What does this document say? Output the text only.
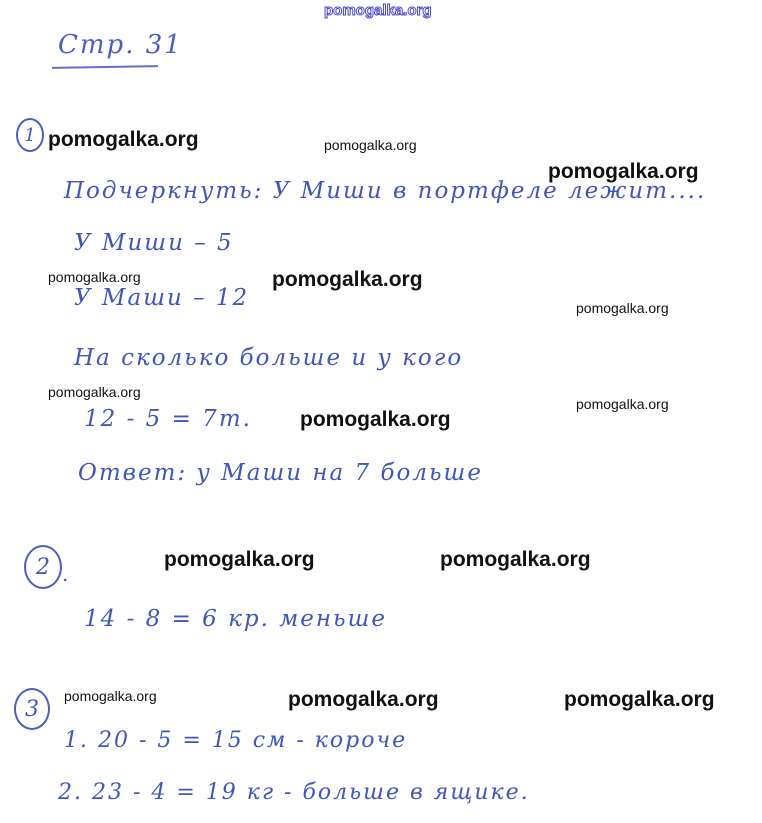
pomogalka.org
Стр. 31
1
Подчеркнуть: У Миши в портфеле лежит....
У Миши – 5
У Маши – 12
На сколько больше и у кого
12 - 5 = 7т.
Ответ: у Маши на 7 больше
2 .
14 - 8 = 6 кр. меньше
3
1. 20 - 5 = 15 см - короче
2. 23 - 4 = 19 кг - больше в ящике.
pomogalka.org	pomogalka.org
pomogalka.org
pomogalka.org	pomogalka.org
pomogalka.org
pomogalka.org
pomogalka.org
pomogalka.org
pomogalka.org	pomogalka.org
pomogalka.org	pomogalka.org	pomogalka.org
